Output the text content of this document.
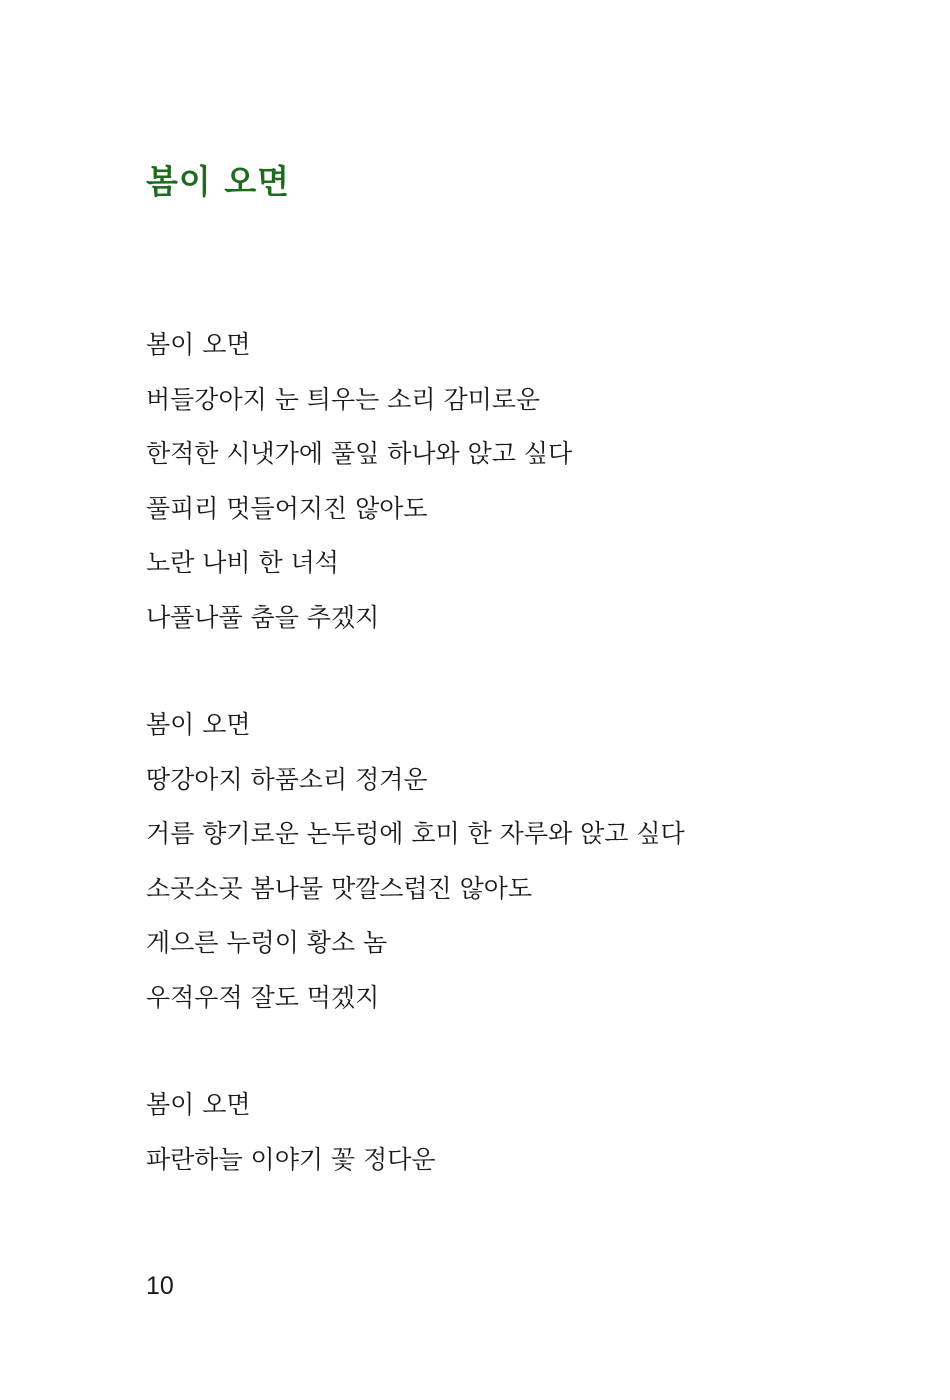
봄이 오면
봄이 오면
버들강아지 눈 틔우는 소리 감미로운
한적한 시냇가에 풀잎 하나와 앉고 싶다
풀피리 멋들어지진 않아도
노란 나비 한 녀석
나풀나풀 춤을 추겠지
봄이 오면
땅강아지 하품소리 정겨운
거름 향기로운 논두렁에 호미 한 자루와 앉고 싶다
소곳소곳 봄나물 맛깔스럽진 않아도
게으른 누렁이 황소 놈
우적우적 잘도 먹겠지
봄이 오면
파란하늘 이야기 꽃 정다운
10
